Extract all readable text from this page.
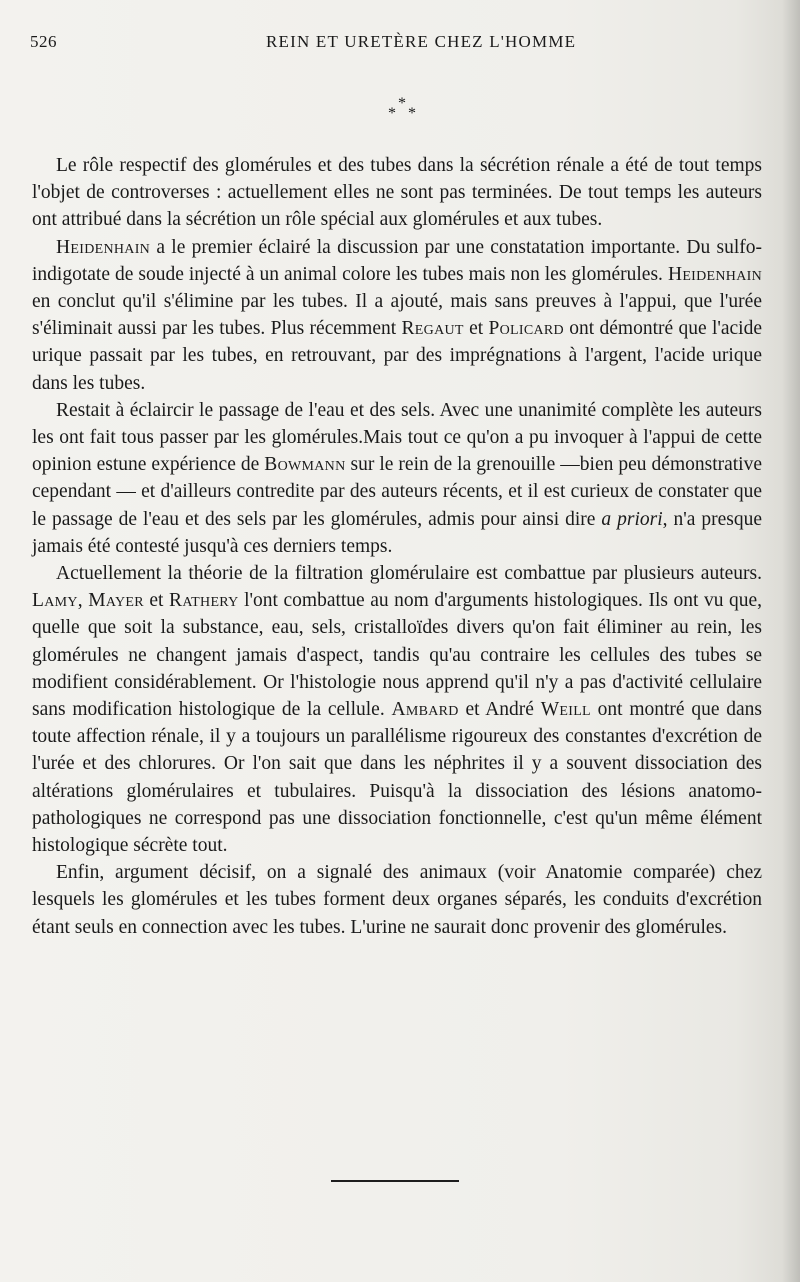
526	REIN ET URETÈRE CHEZ L'HOMME
*
* *

Le rôle respectif des glomérules et des tubes dans la sécrétion rénale a été de tout temps l'objet de controverses : actuellement elles ne sont pas terminées. De tout temps les auteurs ont attribué dans la sécrétion un rôle spécial aux glomérules et aux tubes.

Heidenhain a le premier éclairé la discussion par une constatation importante. Du sulfo-indigotate de soude injecté à un animal colore les tubes mais non les glomérules. Heidenhain en conclut qu'il s'élimine par les tubes. Il a ajouté, mais sans preuves à l'appui, que l'urée s'éliminait aussi par les tubes. Plus récemment Regaut et Policard ont démontré que l'acide urique passait par les tubes, en retrouvant, par des imprégnations à l'argent, l'acide urique dans les tubes.

Restait à éclaircir le passage de l'eau et des sels. Avec une unanimité complète les auteurs les ont fait tous passer par les glomérules.Mais tout ce qu'on a pu invoquer à l'appui de cette opinion estune expérience de Bowmann sur le rein de la grenouille —bien peu démonstrative cependant — et d'ailleurs contredite par des auteurs récents, et il est curieux de constater que le passage de l'eau et des sels par les glomérules, admis pour ainsi dire a priori, n'a presque jamais été contesté jusqu'à ces derniers temps.

Actuellement la théorie de la filtration glomérulaire est combattue par plusieurs auteurs. Lamy, Mayer et Rathery l'ont combattue au nom d'arguments histologiques. Ils ont vu que, quelle que soit la substance, eau, sels, cristalloïdes divers qu'on fait éliminer au rein, les glomérules ne changent jamais d'aspect, tandis qu'au contraire les cellules des tubes se modifient considérablement. Or l'histologie nous apprend qu'il n'y a pas d'activité cellulaire sans modification histologique de la cellule. Ambard et André Weill ont montré que dans toute affection rénale, il y a toujours un parallélisme rigoureux des constantes d'excrétion de l'urée et des chlorures. Or l'on sait que dans les néphrites il y a souvent dissociation des altérations glomérulaires et tubulaires. Puisqu'à la dissociation des lésions anatomo-pathologiques ne correspond pas une dissociation fonctionnelle, c'est qu'un même élément histologique sécrète tout.

Enfin, argument décisif, on a signalé des animaux (voir Anatomie comparée) chez lesquels les glomérules et les tubes forment deux organes séparés, les conduits d'excrétion étant seuls en connection avec les tubes. L'urine ne saurait donc provenir des glomérules.
